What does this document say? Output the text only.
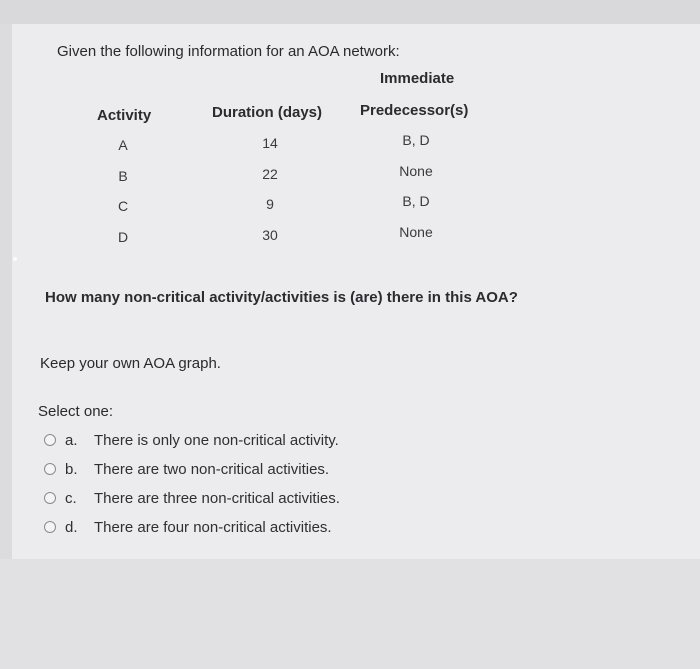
Given the following information for an AOA network:
Immediate
Activity	Duration (days)	Predecessor(s)
A	14	B, D
B	22	None
C	9	B, D
D	30	None
How many non-critical activity/activities is (are) there in this AOA?
Keep your own AOA graph.
Select one:
a.	There is only one non-critical activity.
b.	There are two non-critical activities.
c.	There are three non-critical activities.
d.	There are four non-critical activities.
